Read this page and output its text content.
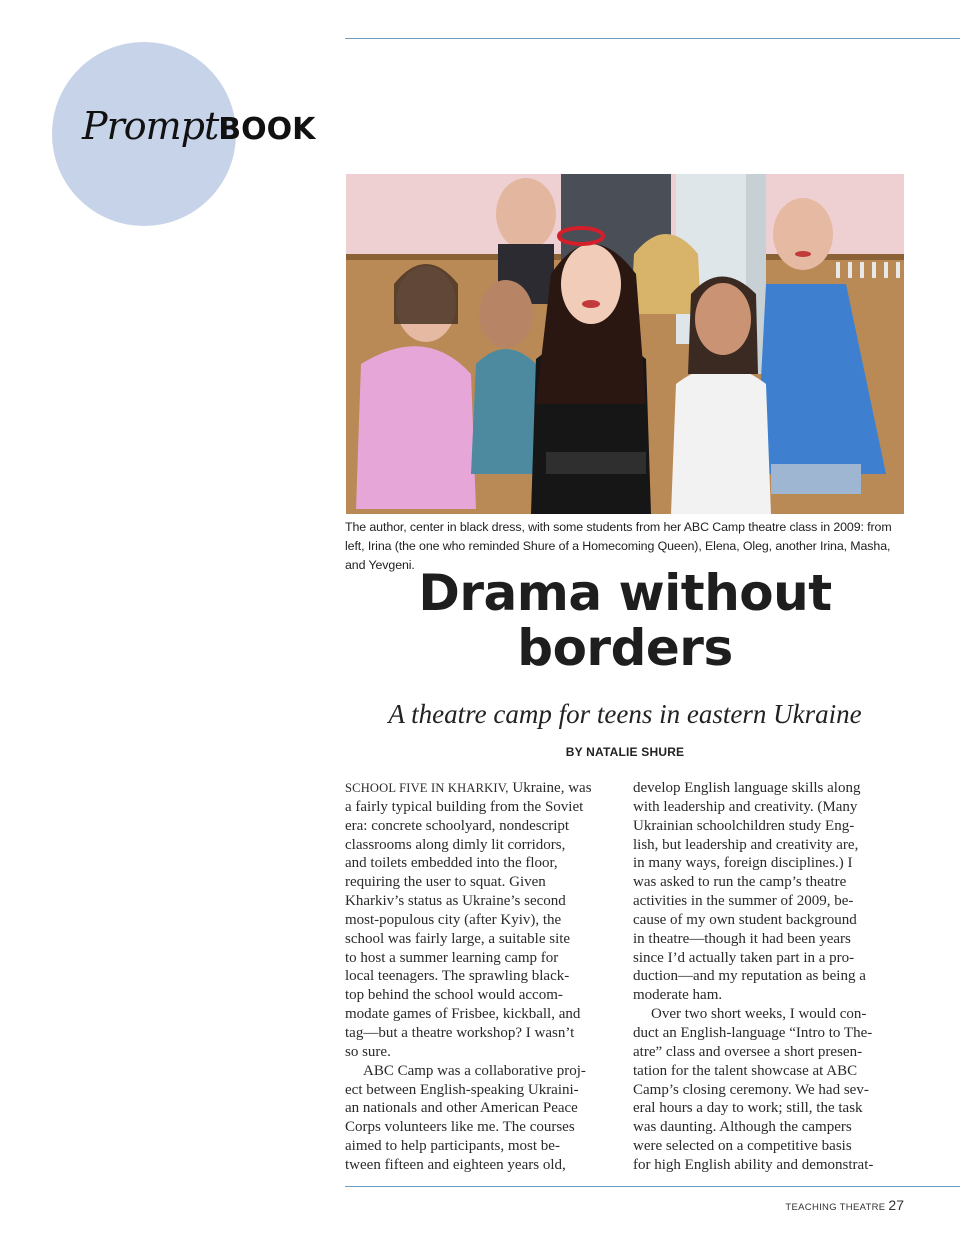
PromptBOOK
The author, center in black dress, with some students from her ABC Camp theatre class in 2009: from left, Irina (the one who reminded Shure of a Homecoming Queen), Elena, Oleg, another Irina, Masha, and Yevgeni. Drama without
borders
A theatre camp for teens in eastern Ukraine
BY NATALIE SHURE
SCHOOL FIVE IN KHARKIV, Ukraine, was
a fairly typical building from the Soviet
era: concrete schoolyard, nondescript
classrooms along dimly lit corridors,
and toilets embedded into the floor,
requiring the user to squat. Given
Kharkiv’s status as Ukraine’s second
most-populous city (after Kyiv), the
school was fairly large, a suitable site
to host a summer learning camp for
local teenagers. The sprawling black-
top behind the school would accom-
modate games of Frisbee, kickball, and
tag—but a theatre workshop? I wasn’t
so sure.
ABC Camp was a collaborative proj-
ect between English-speaking Ukraini-
an nationals and other American Peace
Corps volunteers like me. The courses
aimed to help participants, most be-
tween fifteen and eighteen years old,
develop English language skills along
with leadership and creativity. (Many
Ukrainian schoolchildren study Eng-
lish, but leadership and creativity are,
in many ways, foreign disciplines.) I
was asked to run the camp’s theatre
activities in the summer of 2009, be-
cause of my own student background
in theatre—though it had been years
since I’d actually taken part in a pro-
duction—and my reputation as being a
moderate ham.
Over two short weeks, I would con-
duct an English-language “Intro to The-
atre” class and oversee a short presen-
tation for the talent showcase at ABC
Camp’s closing ceremony. We had sev-
eral hours a day to work; still, the task
was daunting. Although the campers
were selected on a competitive basis
for high English ability and demonstrat-
TEACHING THEATRE 27
